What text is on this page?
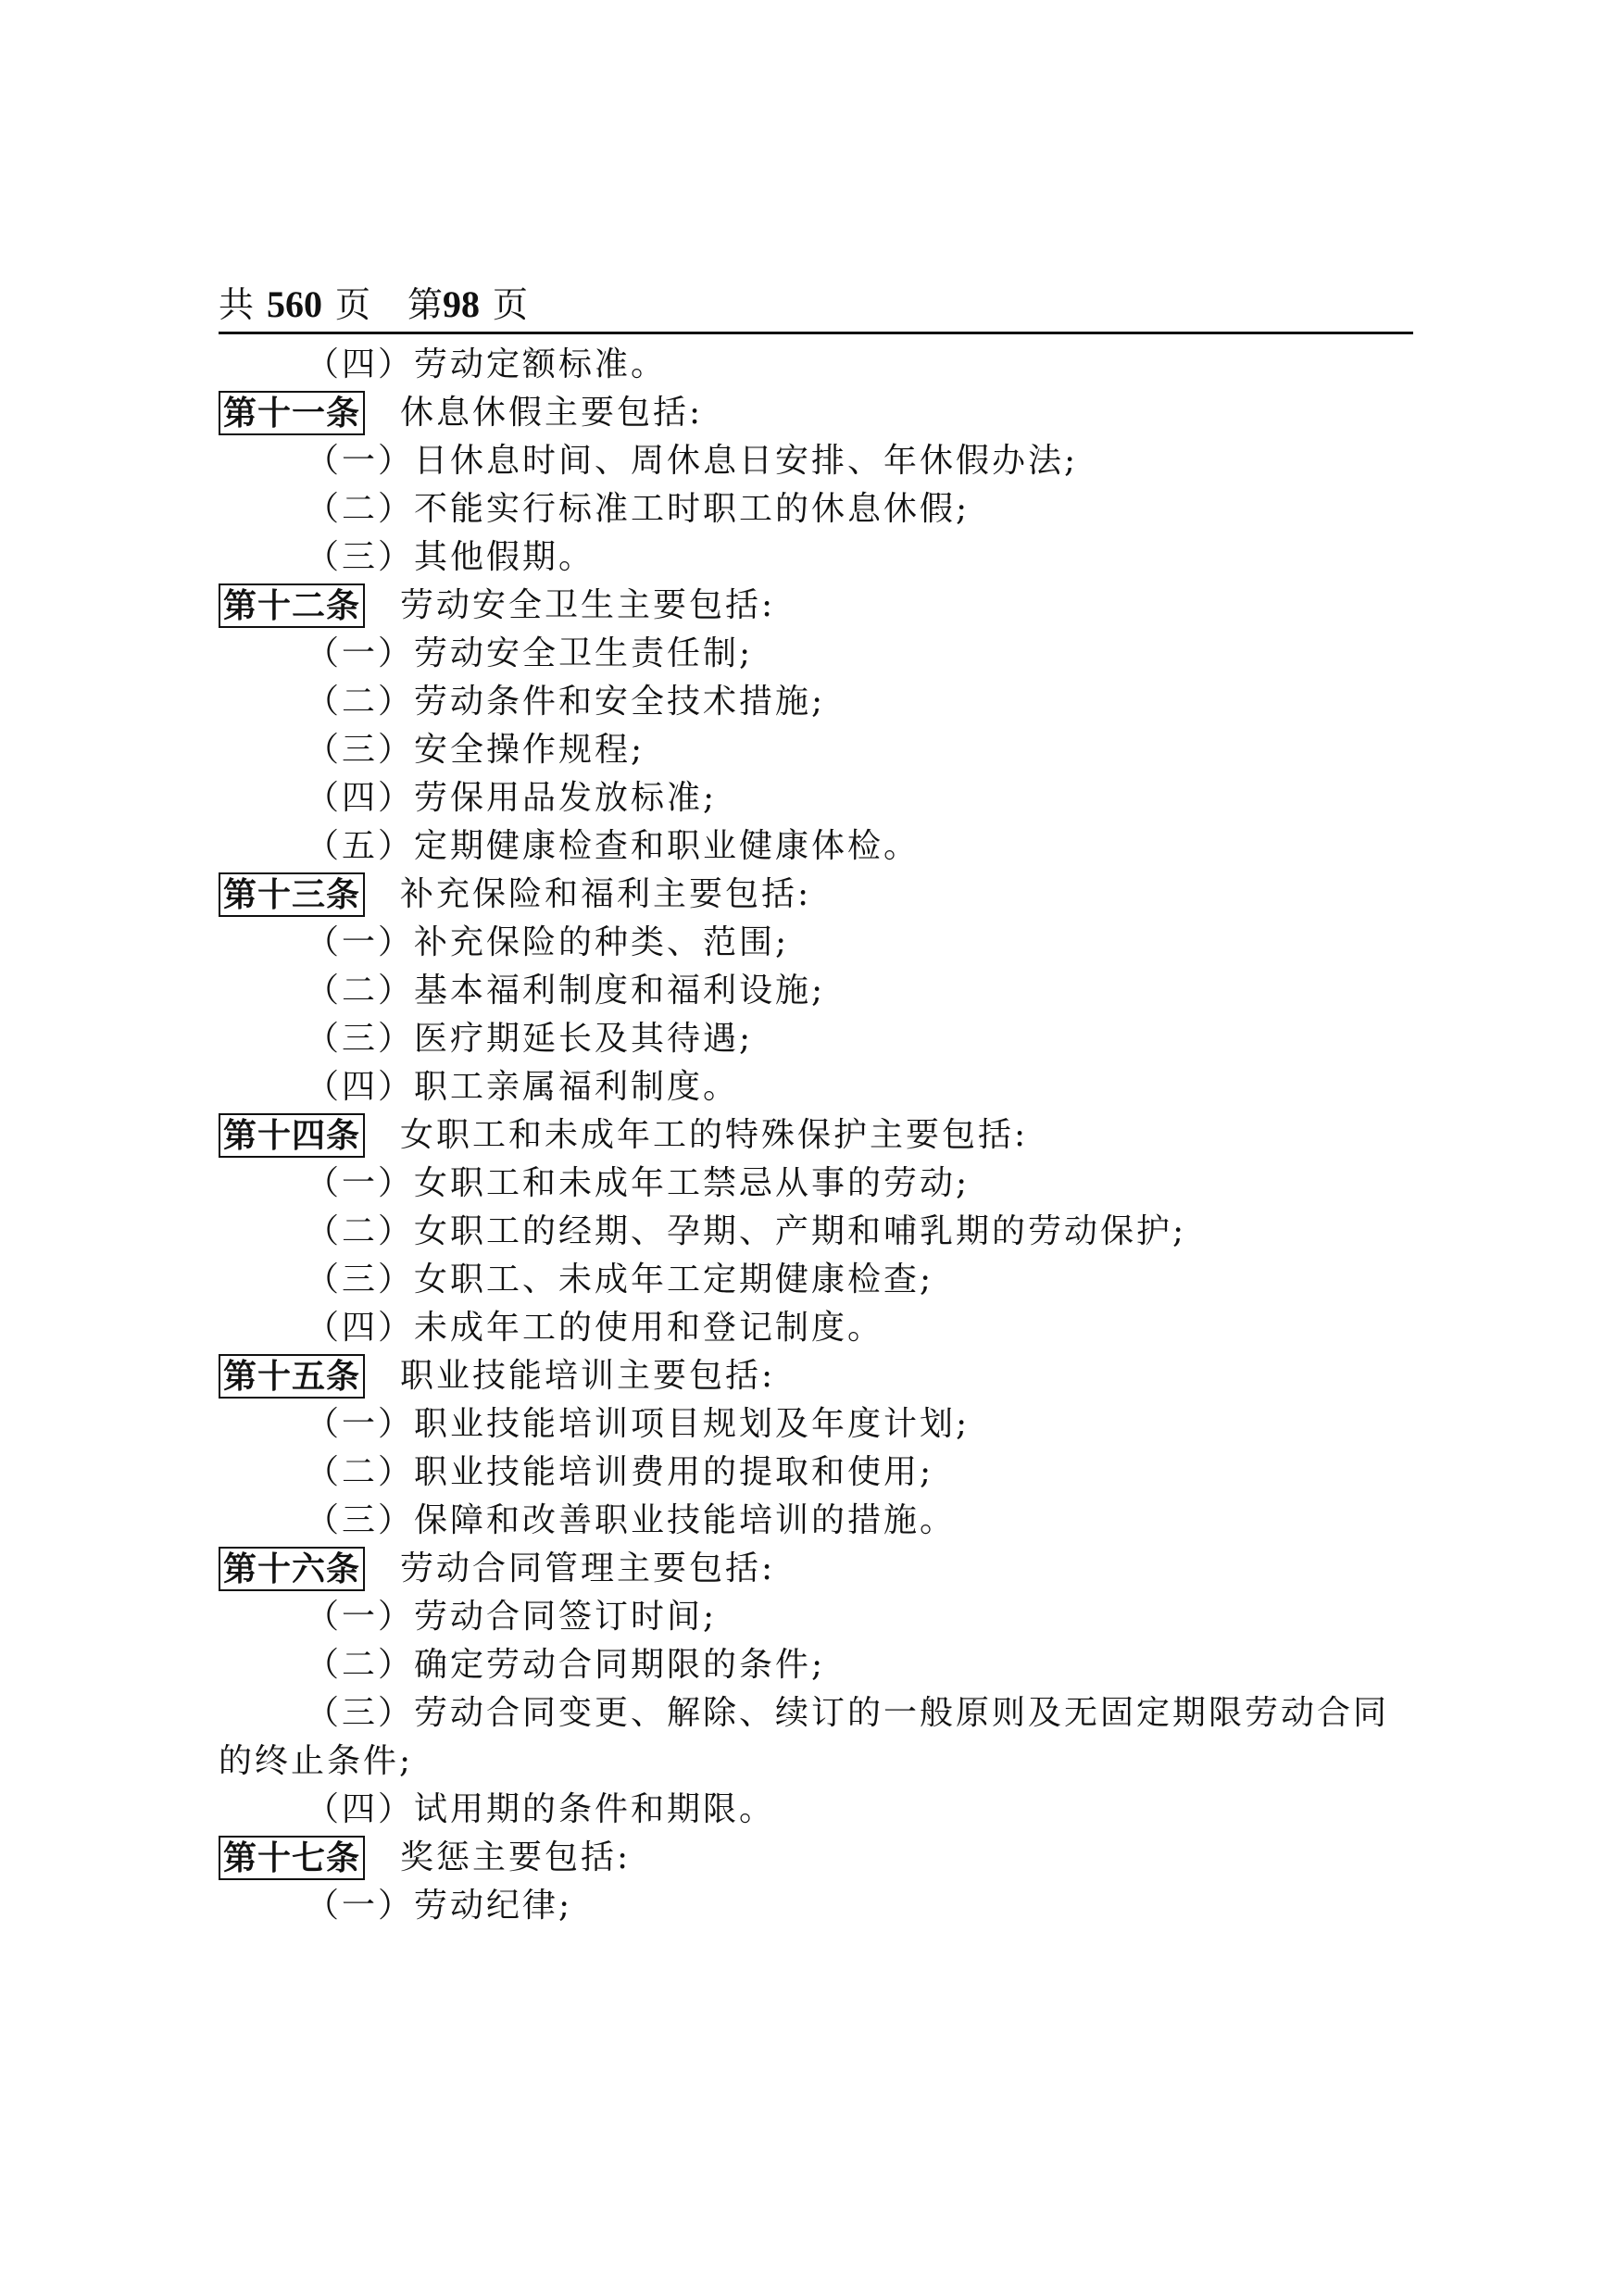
共 560 页 第98 页
（四）劳动定额标准。
第十一条 休息休假主要包括:
（一）日休息时间、周休息日安排、年休假办法;
（二）不能实行标准工时职工的休息休假;
（三）其他假期。
第十二条 劳动安全卫生主要包括:
（一）劳动安全卫生责任制;
（二）劳动条件和安全技术措施;
（三）安全操作规程;
（四）劳保用品发放标准;
（五）定期健康检查和职业健康体检。
第十三条 补充保险和福利主要包括:
（一）补充保险的种类、范围;
（二）基本福利制度和福利设施;
（三）医疗期延长及其待遇;
（四）职工亲属福利制度。
第十四条 女职工和未成年工的特殊保护主要包括:
（一）女职工和未成年工禁忌从事的劳动;
（二）女职工的经期、孕期、产期和哺乳期的劳动保护;
（三）女职工、未成年工定期健康检查;
（四）未成年工的使用和登记制度。
第十五条 职业技能培训主要包括:
（一）职业技能培训项目规划及年度计划;
（二）职业技能培训费用的提取和使用;
（三）保障和改善职业技能培训的措施。
第十六条 劳动合同管理主要包括:
（一）劳动合同签订时间;
（二）确定劳动合同期限的条件;
（三）劳动合同变更、解除、续订的一般原则及无固定期限劳动合同的终止条件;
（四）试用期的条件和期限。
第十七条 奖惩主要包括:
（一）劳动纪律;
